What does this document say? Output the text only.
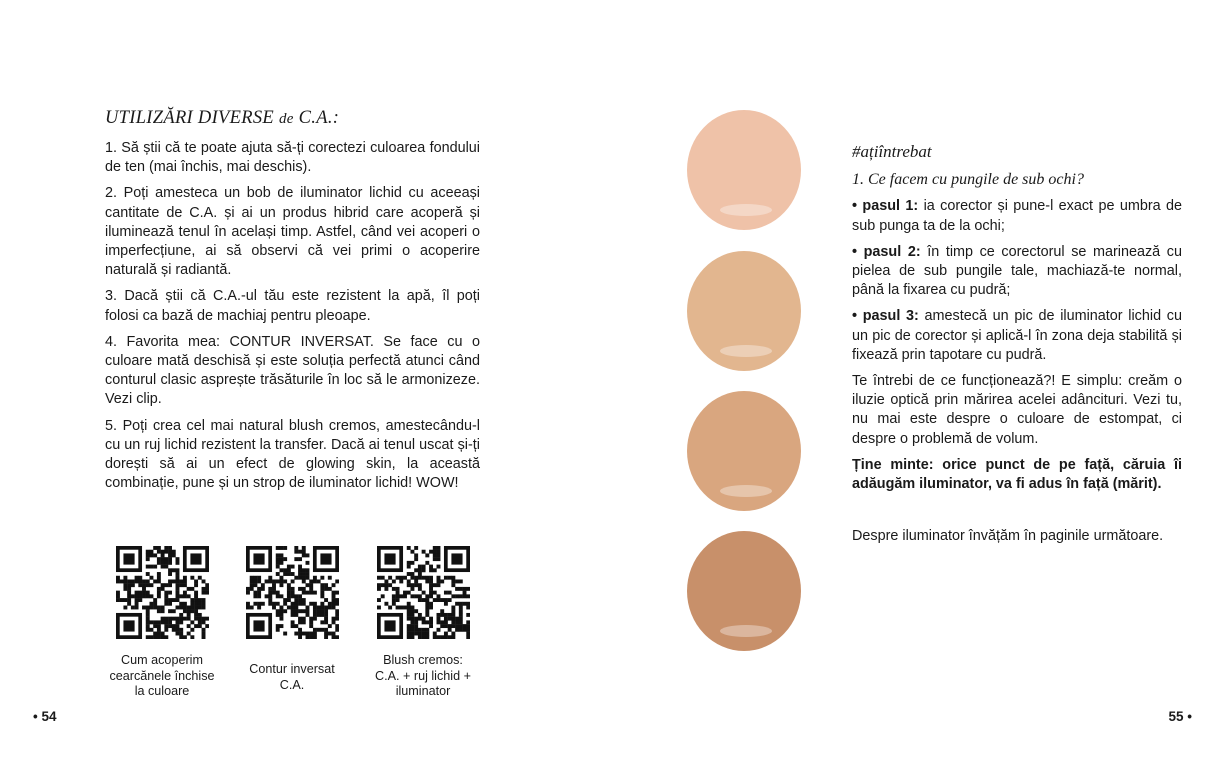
UTILIZĂRI DIVERSE de C.A.:

1. Să știi că te poate ajuta să-ți corectezi culoarea fondului de ten (mai închis, mai deschis).

2. Poți amesteca un bob de iluminator lichid cu aceeași cantitate de C.A. și ai un produs hibrid care acoperă și iluminează tenul în același timp. Astfel, când vei acoperi o imperfecțiune, ai să observi că vei primi o acoperire naturală și radiantă.

3. Dacă știi că C.A.-ul tău este rezistent la apă, îl poți folosi ca bază de machiaj pentru pleoape.

4. Favorita mea: CONTUR INVERSAT. Se face cu o culoare mată deschisă și este soluția perfectă atunci când conturul clasic asprește trăsăturile în loc să le armonizeze. Vezi clip.

5. Poți crea cel mai natural blush cremos, amestecându-l cu un ruj lichid rezistent la transfer. Dacă ai tenul uscat și-ți dorești să ai un efect de glowing skin, la această combinație, pune și un strop de iluminator lichid! WOW!

Cum acoperim
cearcănele închise
la culoare
Contur inversat
C.A.
Blush cremos:
C.A. + ruj lichid +
iluminator
• 54
#ațiîntrebat
1. Ce facem cu pungile de sub ochi?

• pasul 1: ia corector și pune-l exact pe umbra de sub punga ta de la ochi;

• pasul 2: în timp ce corectorul se marinează cu pielea de sub pungile tale, machiază-te normal, până la fixarea cu pudră;

• pasul 3: amestecă un pic de iluminator lichid cu un pic de corector și aplică-l în zona deja stabilită și fixează prin tapotare cu pudră.

Te întrebi de ce funcționează?! E simplu: creăm o iluzie optică prin mărirea acelei adâncituri. Vezi tu, nu mai este despre o culoare de estompat, ci despre o problemă de volum.

Ține minte: orice punct de pe față, căruia îi adăugăm iluminator, va fi adus în față (mărit).

Despre iluminator învățăm în paginile următoare.

55 •
